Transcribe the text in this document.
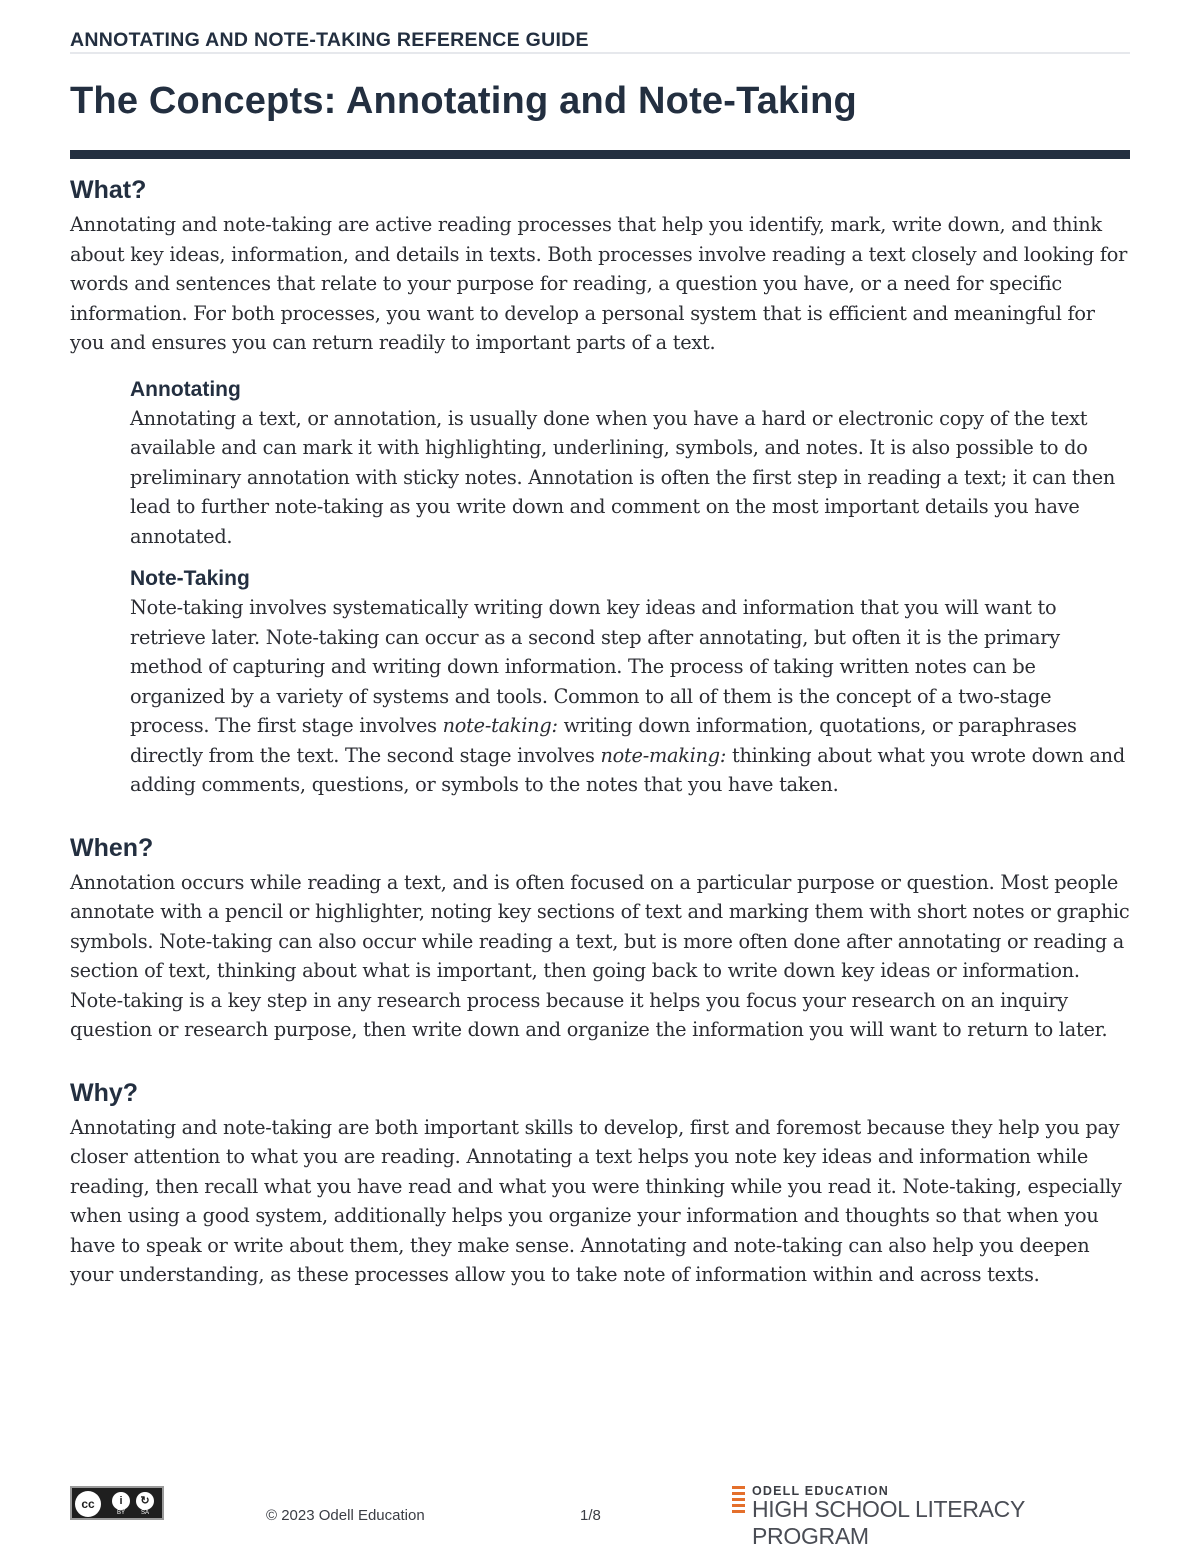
ANNOTATING AND NOTE-TAKING REFERENCE GUIDE
The Concepts: Annotating and Note-Taking
What?

Annotating and note-taking are active reading processes that help you identify, mark, write down, and think about key ideas, information, and details in texts. Both processes involve reading a text closely and looking for words and sentences that relate to your purpose for reading, a question you have, or a need for specific information. For both processes, you want to develop a personal system that is efficient and meaningful for you and ensures you can return readily to important parts of a text.

Annotating

Annotating a text, or annotation, is usually done when you have a hard or electronic copy of the text available and can mark it with highlighting, underlining, symbols, and notes. It is also possible to do preliminary annotation with sticky notes. Annotation is often the first step in reading a text; it can then lead to further note-taking as you write down and comment on the most important details you have annotated.

Note-Taking

Note-taking involves systematically writing down key ideas and information that you will want to retrieve later. Note-taking can occur as a second step after annotating, but often it is the primary method of capturing and writing down information. The process of taking written notes can be organized by a variety of systems and tools. Common to all of them is the concept of a two-stage process. The first stage involves note-taking: writing down information, quotations, or paraphrases directly from the text. The second stage involves note-making: thinking about what you wrote down and adding comments, questions, or symbols to the notes that you have taken.

When?

Annotation occurs while reading a text, and is often focused on a particular purpose or question. Most people annotate with a pencil or highlighter, noting key sections of text and marking them with short notes or graphic symbols. Note-taking can also occur while reading a text, but is more often done after annotating or reading a section of text, thinking about what is important, then going back to write down key ideas or information. Note-taking is a key step in any research process because it helps you focus your research on an inquiry question or research purpose, then write down and organize the information you will want to return to later.

Why?

Annotating and note-taking are both important skills to develop, first and foremost because they help you pay closer attention to what you are reading. Annotating a text helps you note key ideas and information while reading, then recall what you have read and what you were thinking while you read it. Note-taking, especially when using a good system, additionally helps you organize your information and thoughts so that when you have to speak or write about them, they make sense. Annotating and note-taking can also help you deepen your understanding, as these processes allow you to take note of information within and across texts.

cc	i	↻
BY	SA	© 2023 Odell Education	1/8
ODELL EDUCATION
HIGH SCHOOL LITERACY PROGRAM
